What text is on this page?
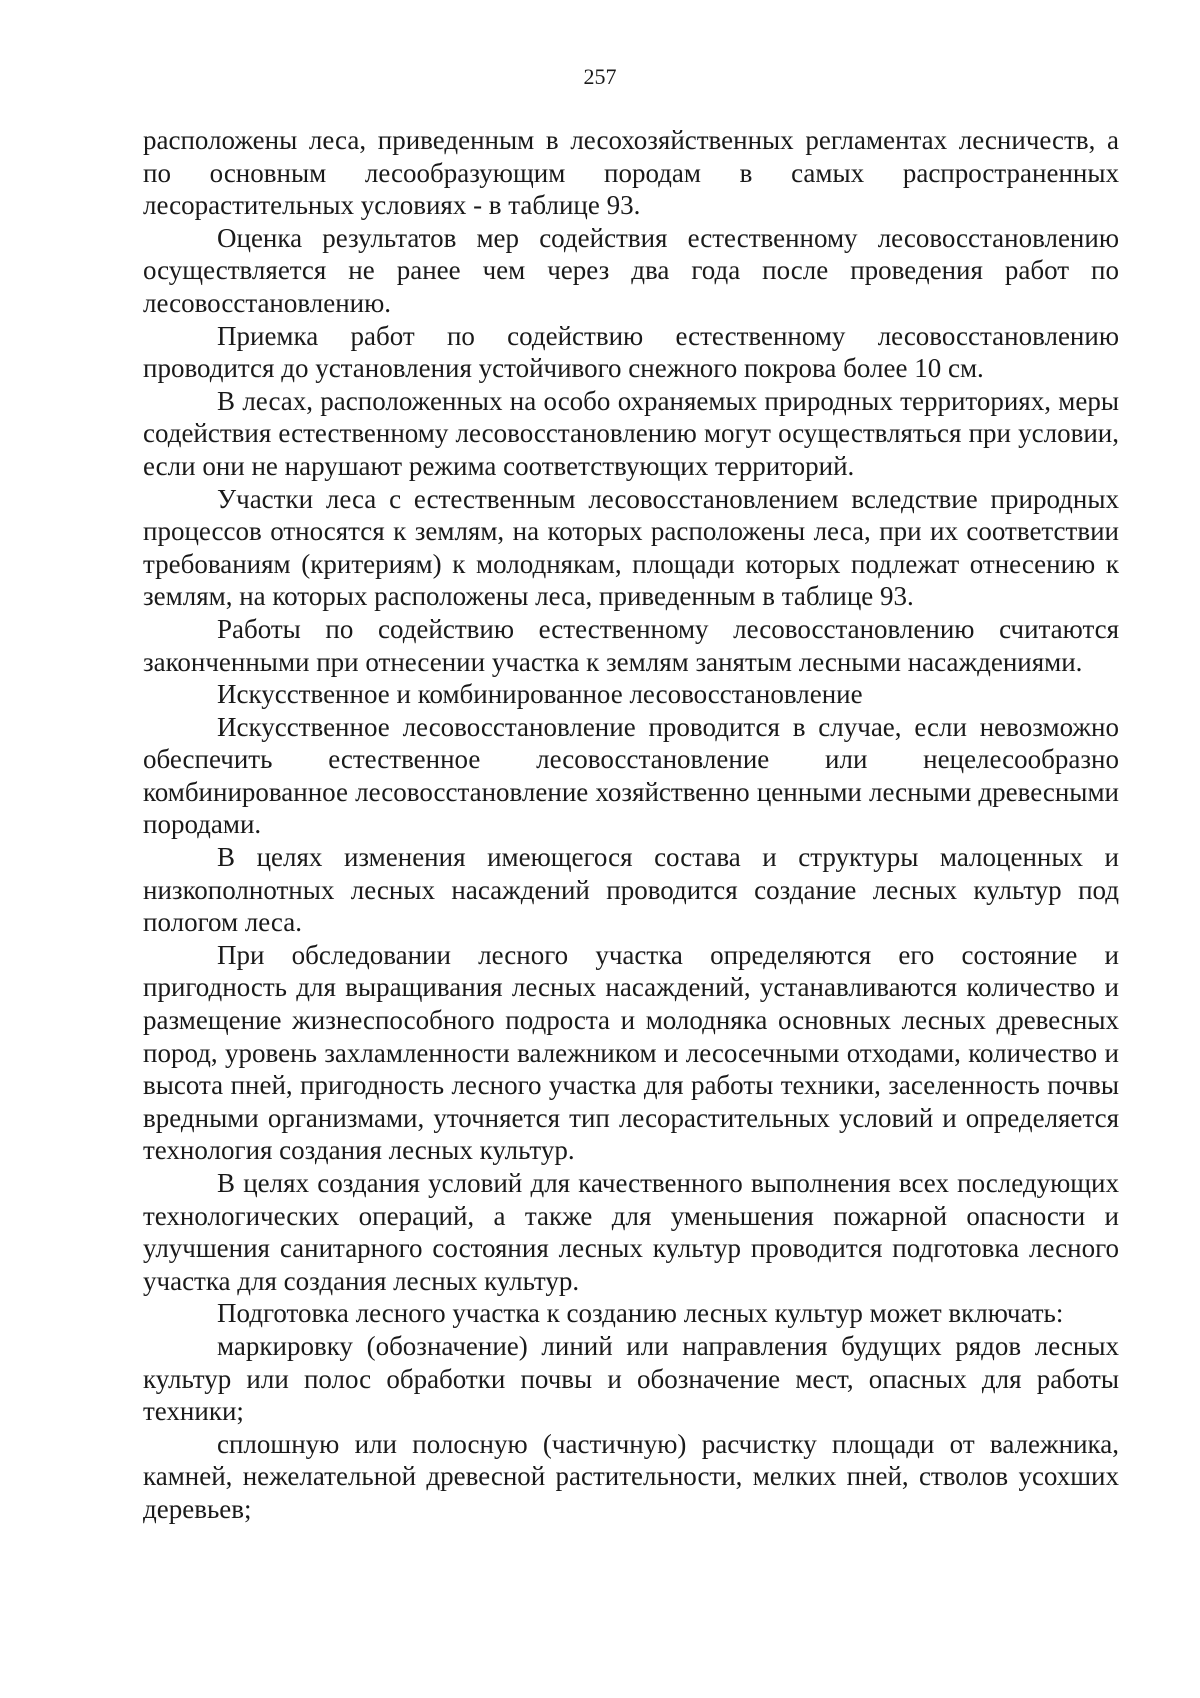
257

расположены леса, приведенным в лесохозяйственных регламентах лесничеств, а по основным лесообразующим породам в самых распространенных лесорастительных условиях - в таблице 93.

Оценка результатов мер содействия естественному лесовосстановлению осуществляется не ранее чем через два года после проведения работ по лесовосстановлению.

Приемка работ по содействию естественному лесовосстановлению проводится до установления устойчивого снежного покрова более 10 см.

В лесах, расположенных на особо охраняемых природных территориях, меры содействия естественному лесовосстановлению могут осуществляться при условии, если они не нарушают режима соответствующих территорий.

Участки леса с естественным лесовосстановлением вследствие природных процессов относятся к землям, на которых расположены леса, при их соответствии требованиям (критериям) к молоднякам, площади которых подлежат отнесению к землям, на которых расположены леса, приведенным в таблице 93.

Работы по содействию естественному лесовосстановлению считаются законченными при отнесении участка к землям занятым лесными насаждениями.

Искусственное и комбинированное лесовосстановление

Искусственное лесовосстановление проводится в случае, если невозможно обеспечить естественное лесовосстановление или нецелесообразно комбинированное лесовосстановление хозяйственно ценными лесными древесными породами.

В целях изменения имеющегося состава и структуры малоценных и низкополнотных лесных насаждений проводится создание лесных культур под пологом леса.

При обследовании лесного участка определяются его состояние и пригодность для выращивания лесных насаждений, устанавливаются количество и размещение жизнеспособного подроста и молодняка основных лесных древесных пород, уровень захламленности валежником и лесосечными отходами, количество и высота пней, пригодность лесного участка для работы техники, заселенность почвы вредными организмами, уточняется тип лесорастительных условий и определяется технология создания лесных культур.

В целях создания условий для качественного выполнения всех последующих технологических операций, а также для уменьшения пожарной опасности и улучшения санитарного состояния лесных культур проводится подготовка лесного участка для создания лесных культур.

Подготовка лесного участка к созданию лесных культур может включать:

маркировку (обозначение) линий или направления будущих рядов лесных культур или полос обработки почвы и обозначение мест, опасных для работы техники;

сплошную или полосную (частичную) расчистку площади от валежника, камней, нежелательной древесной растительности, мелких пней, стволов усохших деревьев;
